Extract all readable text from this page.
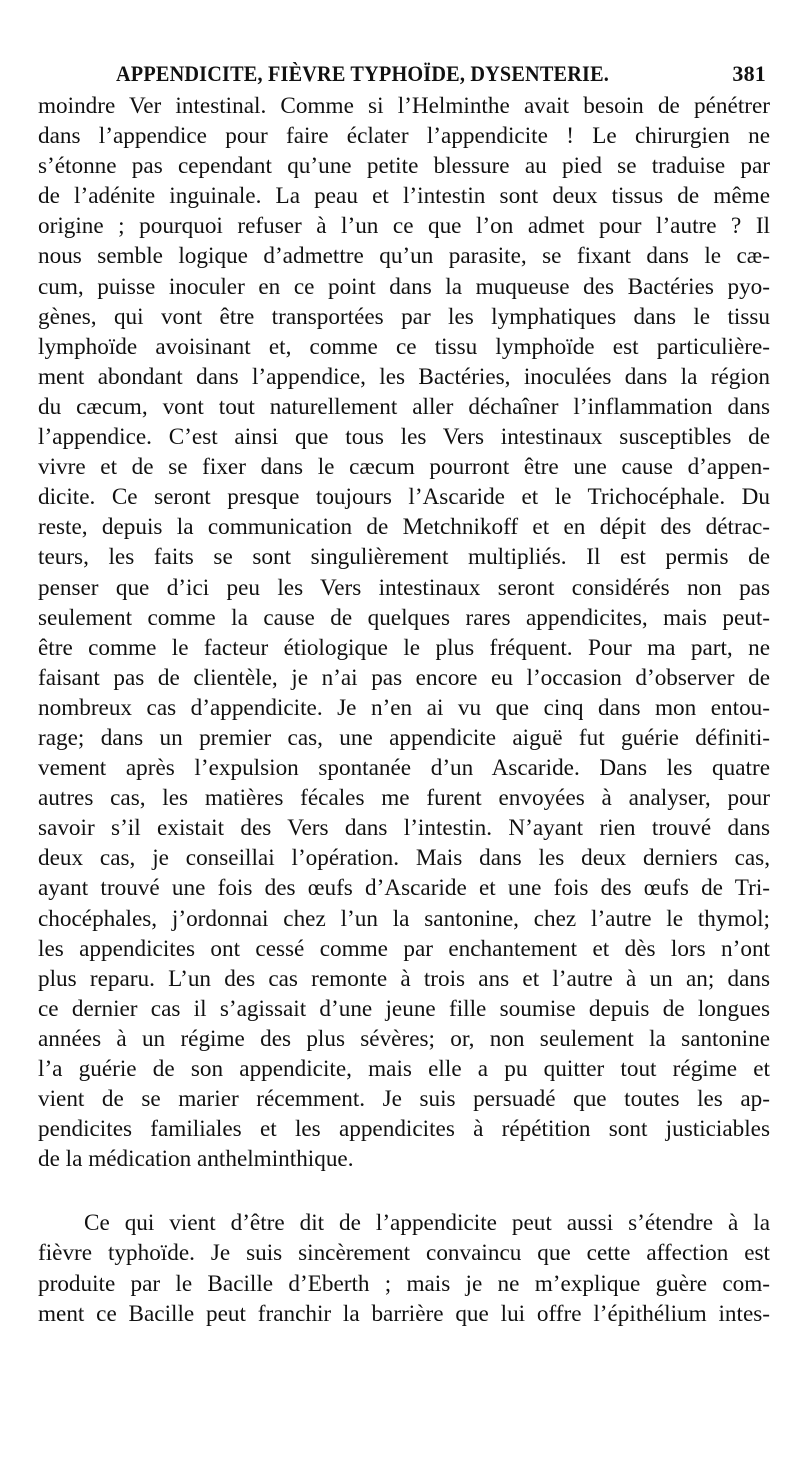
APPENDICITE, FIÈVRE TYPHOÏDE, DYSENTERIE.	381
moindre Ver intestinal. Comme si l’Helminthe avait besoin de pénétrer
dans l’appendice pour faire éclater l’appendicite ! Le chirurgien ne
s’étonne pas cependant qu’une petite blessure au pied se traduise par
de l’adénite inguinale. La peau et l’intestin sont deux tissus de même
origine ; pourquoi refuser à l’un ce que l’on admet pour l’autre ? Il
nous semble logique d’admettre qu’un parasite, se fixant dans le cæ-
cum, puisse inoculer en ce point dans la muqueuse des Bactéries pyo-
gènes, qui vont être transportées par les lymphatiques dans le tissu
lymphoïde avoisinant et, comme ce tissu lymphoïde est particulière-
ment abondant dans l’appendice, les Bactéries, inoculées dans la région
du cæcum, vont tout naturellement aller déchaîner l’inflammation dans
l’appendice. C’est ainsi que tous les Vers intestinaux susceptibles de
vivre et de se fixer dans le cæcum pourront être une cause d’appen-
dicite. Ce seront presque toujours l’Ascaride et le Trichocéphale. Du
reste, depuis la communication de Metchnikoff et en dépit des détrac-
teurs, les faits se sont singulièrement multipliés. Il est permis de
penser que d’ici peu les Vers intestinaux seront considérés non pas
seulement comme la cause de quelques rares appendicites, mais peut-
être comme le facteur étiologique le plus fréquent. Pour ma part, ne
faisant pas de clientèle, je n’ai pas encore eu l’occasion d’observer de
nombreux cas d’appendicite. Je n’en ai vu que cinq dans mon entou-
rage; dans un premier cas, une appendicite aiguë fut guérie définiti-
vement après l’expulsion spontanée d’un Ascaride. Dans les quatre
autres cas, les matières fécales me furent envoyées à analyser, pour
savoir s’il existait des Vers dans l’intestin. N’ayant rien trouvé dans
deux cas, je conseillai l’opération. Mais dans les deux derniers cas,
ayant trouvé une fois des œufs d’Ascaride et une fois des œufs de Tri-
chocéphales, j’ordonnai chez l’un la santonine, chez l’autre le thymol;
les appendicites ont cessé comme par enchantement et dès lors n’ont
plus reparu. L’un des cas remonte à trois ans et l’autre à un an; dans
ce dernier cas il s’agissait d’une jeune fille soumise depuis de longues
années à un régime des plus sévères; or, non seulement la santonine
l’a guérie de son appendicite, mais elle a pu quitter tout régime et
vient de se marier récemment. Je suis persuadé que toutes les ap-
pendicites familiales et les appendicites à répétition sont justiciables
de la médication anthelminthique.
Ce qui vient d’être dit de l’appendicite peut aussi s’étendre à la
fièvre typhoïde. Je suis sincèrement convaincu que cette affection est
produite par le Bacille d’Eberth ; mais je ne m’explique guère com-
ment ce Bacille peut franchir la barrière que lui offre l’épithélium intes-
